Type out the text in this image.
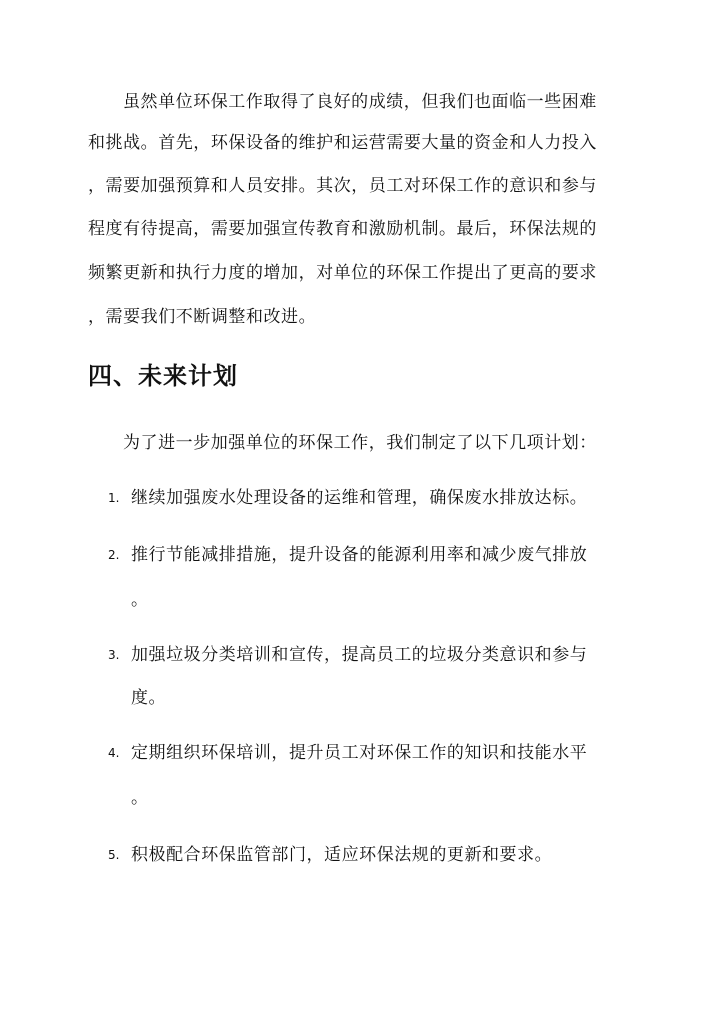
虽然单位环保工作取得了良好的成绩，但我们也面临一些困难
和挑战。首先，环保设备的维护和运营需要大量的资金和人力投入
，需要加强预算和人员安排。其次，员工对环保工作的意识和参与
程度有待提高，需要加强宣传教育和激励机制。最后，环保法规的
频繁更新和执行力度的增加，对单位的环保工作提出了更高的要求
，需要我们不断调整和改进。
四、未来计划
为了进一步加强单位的环保工作，我们制定了以下几项计划：
1. 继续加强废水处理设备的运维和管理，确保废水排放达标。
2. 推行节能减排措施，提升设备的能源利用率和减少废气排放
。
3. 加强垃圾分类培训和宣传，提高员工的垃圾分类意识和参与
度。
4. 定期组织环保培训，提升员工对环保工作的知识和技能水平
。
5. 积极配合环保监管部门，适应环保法规的更新和要求。
